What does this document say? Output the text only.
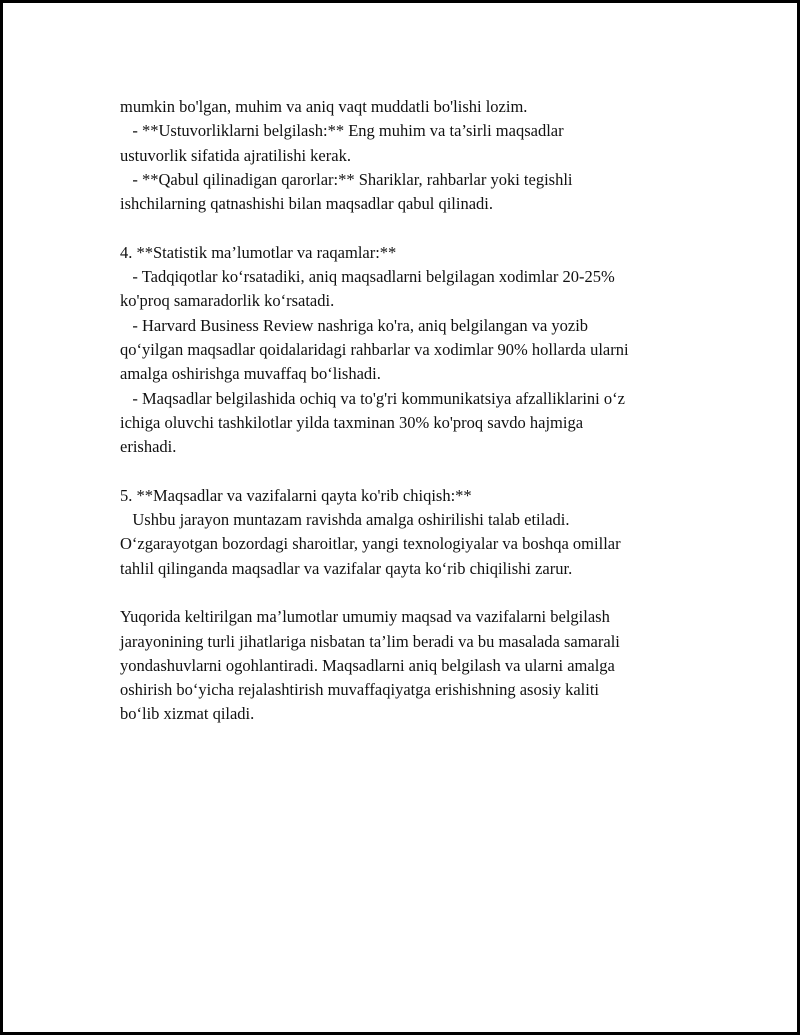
mumkin bo'lgan, muhim va aniq vaqt muddatli bo'lishi lozim.
- **Ustuvorliklarni belgilash:** Eng muhim va ta’sirli maqsadlar
ustuvorlik sifatida ajratilishi kerak.
- **Qabul qilinadigan qarorlar:** Shariklar, rahbarlar yoki tegishli
ishchilarning qatnashishi bilan maqsadlar qabul qilinadi.
4. **Statistik ma’lumotlar va raqamlar:**
- Tadqiqotlar ko‘rsatadiki, aniq maqsadlarni belgilagan xodimlar 20-25%
ko'proq samaradorlik ko‘rsatadi.
- Harvard Business Review nashriga ko'ra, aniq belgilangan va yozib
qo‘yilgan maqsadlar qoidalaridagi rahbarlar va xodimlar 90% hollarda ularni
amalga oshirishga muvaffaq bo‘lishadi.
- Maqsadlar belgilashida ochiq va to'g'ri kommunikatsiya afzalliklarini o‘z
ichiga oluvchi tashkilotlar yilda taxminan 30% ko'proq savdo hajmiga
erishadi.
5. **Maqsadlar va vazifalarni qayta ko'rib chiqish:**
Ushbu jarayon muntazam ravishda amalga oshirilishi talab etiladi.
O‘zgarayotgan bozordagi sharoitlar, yangi texnologiyalar va boshqa omillar
tahlil qilinganda maqsadlar va vazifalar qayta ko‘rib chiqilishi zarur.
Yuqorida keltirilgan ma’lumotlar umumiy maqsad va vazifalarni belgilash
jarayonining turli jihatlariga nisbatan ta’lim beradi va bu masalada samarali
yondashuvlarni ogohlantiradi. Maqsadlarni aniq belgilash va ularni amalga
oshirish bo‘yicha rejalashtirish muvaffaqiyatga erishishning asosiy kaliti
bo‘lib xizmat qiladi.
